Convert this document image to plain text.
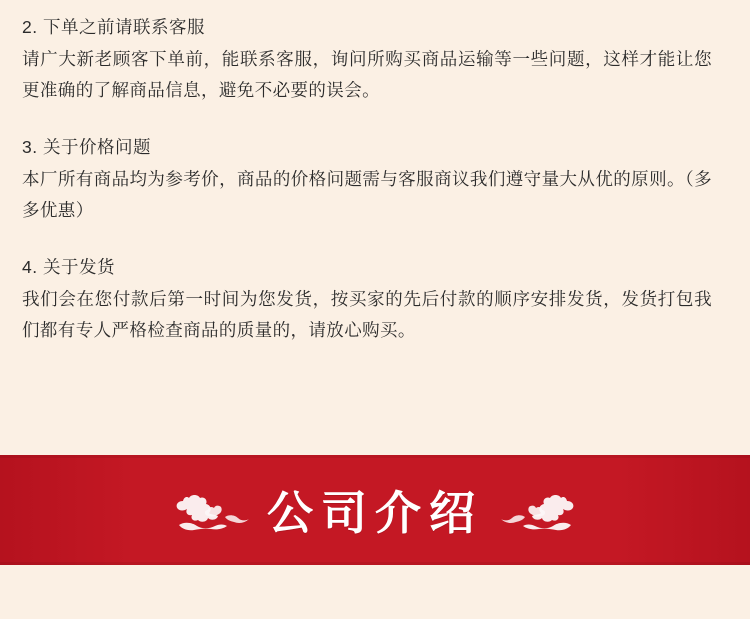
2. 下单之前请联系客服
请广大新老顾客下单前，能联系客服，询问所购买商品运输等一些问题，这样才能让您更准确的了解商品信息，避免不必要的误会。
3. 关于价格问题
本厂所有商品均为参考价，商品的价格问题需与客服商议我们遵守量大从优的原则。（多多优惠）
4. 关于发货
我们会在您付款后第一时间为您发货，按买家的先后付款的顺序安排发货，发货打包我们都有专人严格检查商品的质量的，请放心购买。
公司介绍
